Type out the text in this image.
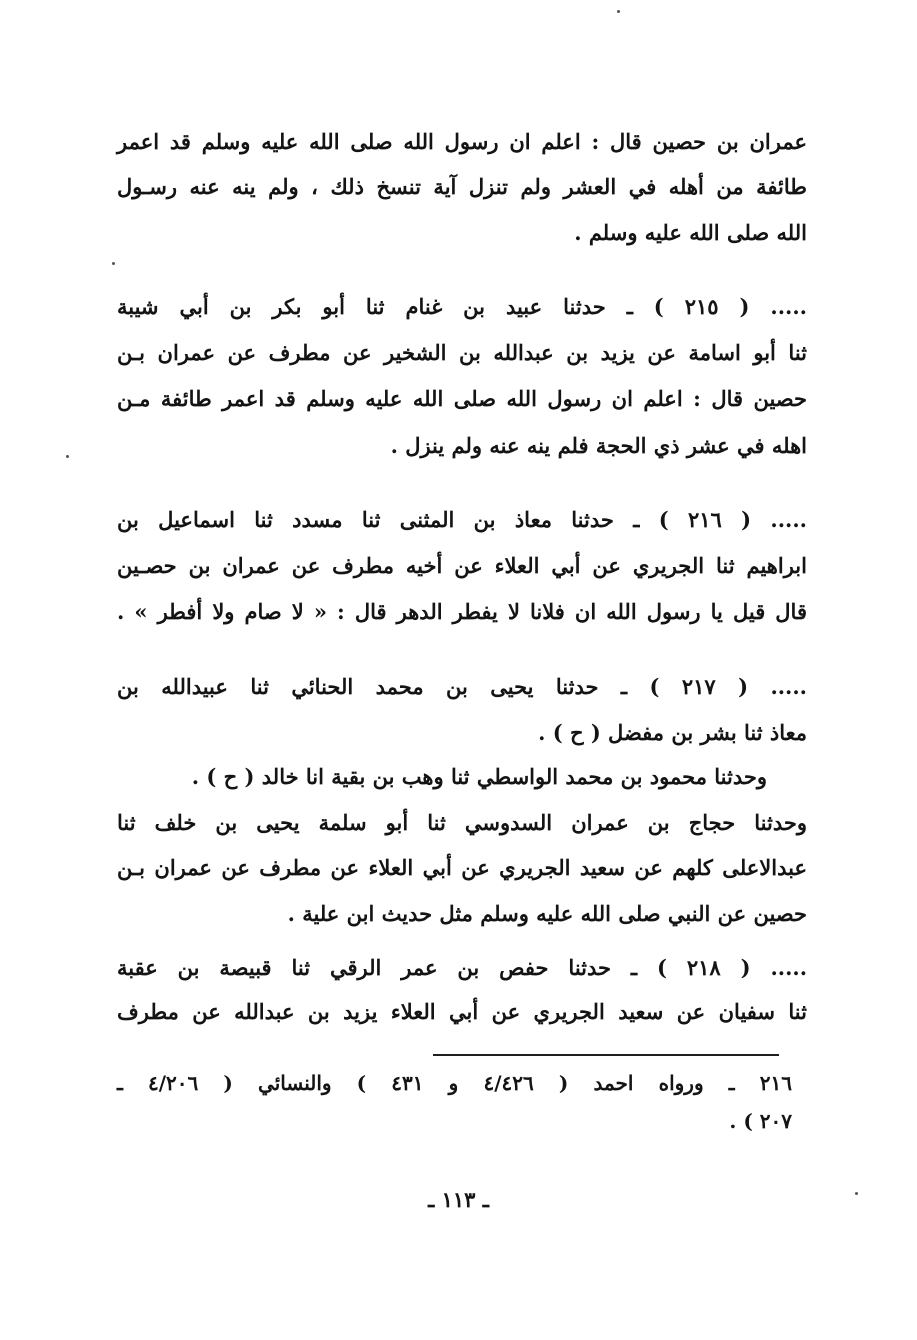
عمران بن حصين قال : اعلم ان رسول الله صلى الله عليه وسلم قد اعمر
طائفة من أهله في العشر ولم تنزل آية تنسخ ذلك ، ولم ينه عنه رسـول
الله صلى الله عليه وسلم .
..... ( ٢١٥ ) ـ حدثنا عبيد بن غنام ثنا أبو بكر بن أبي شيبة
ثنا أبو اسامة عن يزيد بن عبدالله بن الشخير عن مطرف عن عمران بـن
حصين قال : اعلم ان رسول الله صلى الله عليه وسلم قد اعمر طائفة مـن
اهله في عشر ذي الحجة فلم ينه عنه ولم ينزل .
..... ( ٢١٦ ) ـ حدثنا معاذ بن المثنى ثنا مسدد ثنا اسماعيل بن
ابراهيم ثنا الجريري عن أبي العلاء عن أخيه مطرف عن عمران بن حصـين
قال قيل يا رسول الله ان فلانا لا يفطر الدهر قال : « لا صام ولا أفطر » .
..... ( ٢١٧ ) ـ حدثنا يحيى بن محمد الحنائي ثنا عبيدالله بن
معاذ ثنا بشر بن مفضل ( ح ) .
وحدثنا محمود بن محمد الواسطي ثنا وهب بن بقية انا خالد ( ح ) .
وحدثنا حجاج بن عمران السدوسي ثنا أبو سلمة يحيى بن خلف ثنا
عبدالاعلى كلهم عن سعيد الجريري عن أبي العلاء عن مطرف عن عمران بـن
حصين عن النبي صلى الله عليه وسلم مثل حديث ابن علية .
..... ( ٢١٨ ) ـ حدثنا حفص بن عمر الرقي ثنا قبيصة بن عقبة
ثنا سفيان عن سعيد الجريري عن أبي العلاء يزيد بن عبدالله عن مطرف
٢١٦ ـ ورواه احمد ( ٤/٤٢٦ و ٤٣١ ) والنسائي ( ٤/٢٠٦ ـ
٢٠٧ ) .
ـ ١١٣ ـ
